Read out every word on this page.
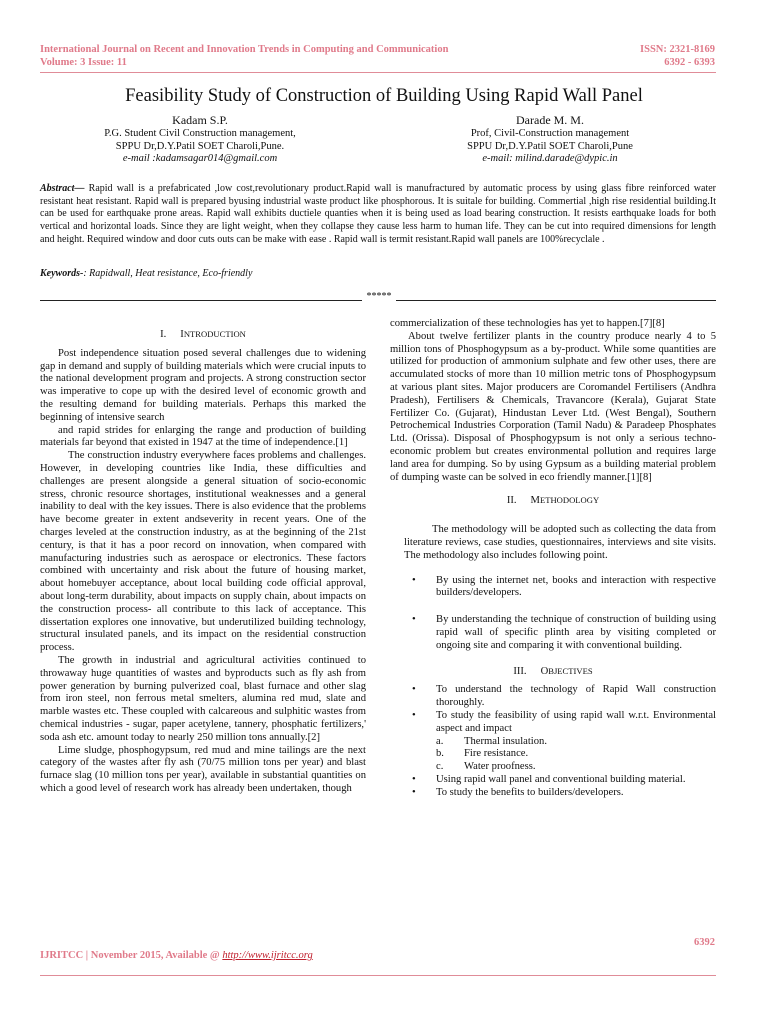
International Journal on Recent and Innovation Trends in Computing and Communication
Volume: 3 Issue: 11
ISSN: 2321-8169
6392 - 6393
Feasibility Study of Construction of Building Using Rapid Wall Panel
Kadam S.P.
P.G. Student Civil Construction management,
SPPU Dr,D.Y.Patil SOET Charoli,Pune.
e-mail :kadamsagar014@gmail.com
Darade M. M.
Prof, Civil-Construction management
SPPU Dr,D.Y.Patil SOET Charoli,Pune
e-mail: milind.darade@dypic.in
Abstract— Rapid wall is a prefabricated ,low cost,revolutionary product.Rapid wall is manufractured by automatic process by using glass fibre reinforced water resistant heat resistant. Rapid wall is prepared byusing industrial waste product like phosphorous. It is suitale for building. Commertial ,high rise residential building.It can be used for earthquake prone areas. Rapid wall exhibits ductiele quanties when it is being used as load bearing construction. It resists earthquake loads for both vertical and horizontal loads. Since they are light weight, when they collapse they cause less harm to human life. They can be cut into required dimensions for length and height. Required window and door cuts outs can be make with ease . Rapid wall is termit resistant.Rapid wall panels are 100%recyclale .
Keywords-: Rapidwall, Heat resistance, Eco-friendly
*****
I. INTRODUCTION

Post independence situation posed several challenges due to widening gap in demand and supply of building materials which were crucial inputs to the national development program and projects. A strong construction sector was imperative to cope up with the desired level of economic growth and the resulting demand for building materials. Perhaps this marked the beginning of intensive search

and rapid strides for enlarging the range and production of building materials far beyond that existed in 1947 at the time of independence.[1]

The construction industry everywhere faces problems and challenges. However, in developing countries like India, these difficulties and challenges are present alongside a general situation of socio-economic stress, chronic resource shortages, institutional weaknesses and a general inability to deal with the key issues. There is also evidence that the problems have become greater in extent andseverity in recent years. One of the charges leveled at the construction industry, as at the beginning of the 21st century, is that it has a poor record on innovation, when compared with manufacturing industries such as aerospace or electronics. These factors combined with uncertainty and risk about the future of housing market, about homebuyer acceptance, about local building code official approval, about long-term durability, about impacts on supply chain, about impacts on the construction process- all contribute to this lack of acceptance. This dissertation explores one innovative, but underutilized building technology, structural insulated panels, and its impact on the residential construction process.

The growth in industrial and agricultural activities continued to throwaway huge quantities of wastes and byproducts such as fly ash from power generation by burning pulverized coal, blast furnace and other slag from iron steel, non ferrous metal smelters, alumina red mud, slate and marble wastes etc. These coupled with calcareous and sulphitic wastes from chemical industries - sugar, paper acetylene, tannery, phosphatic fertilizers,' soda ash etc. amount today to nearly 250 million tons annually.[2]

Lime sludge, phosphogypsum, red mud and mine tailings are the next category of the wastes after fly ash (70/75 million tons per year) and blast furnace slag (10 million tons per year), available in substantial quantities on which a good level of research work has already been undertaken, though

commercialization of these technologies has yet to happen.[7][8]

About twelve fertilizer plants in the country produce nearly 4 to 5 million tons of Phosphogypsum as a by-product. While some quantities are utilized for production of ammonium sulphate and few other uses, there are accumulated stocks of more than 10 million metric tons of Phosphogypsum at various plant sites. Major producers are Coromandel Fertilisers (Andhra Pradesh), Fertilisers & Chemicals, Travancore (Kerala), Gujarat State Fertilizer Co. (Gujarat), Hindustan Lever Ltd. (West Bengal), Southern Petrochemical Industries Corporation (Tamil Nadu) & Paradeep Phosphates Ltd. (Orissa). Disposal of Phosphogypsum is not only a serious techno-economic problem but creates environmental pollution and requires large land area for dumping. So by using Gypsum as a building material problem of dumping waste can be solved in eco friendly manner.[1][8]

II. METHODOLOGY

The methodology will be adopted such as collecting the data from literature reviews, case studies, questionnaires, interviews and site visits. The methodology also includes following point.

• By using the internet net, books and interaction with respective builders/developers.
• By understanding the technique of construction of building using rapid wall of specific plinth area by visiting completed or ongoing site and comparing it with conventional building.
III. OBJECTIVES
• To understand the technology of Rapid Wall construction thoroughly.
• To study the feasibility of using rapid wall w.r.t. Environmental aspect and impact
a. Thermal insulation.
b. Fire resistance.
c. Water proofness.
• Using rapid wall panel and conventional building material.
• To study the benefits to builders/developers.
6392
IJRITCC | November 2015, Available @ http://www.ijritcc.org
